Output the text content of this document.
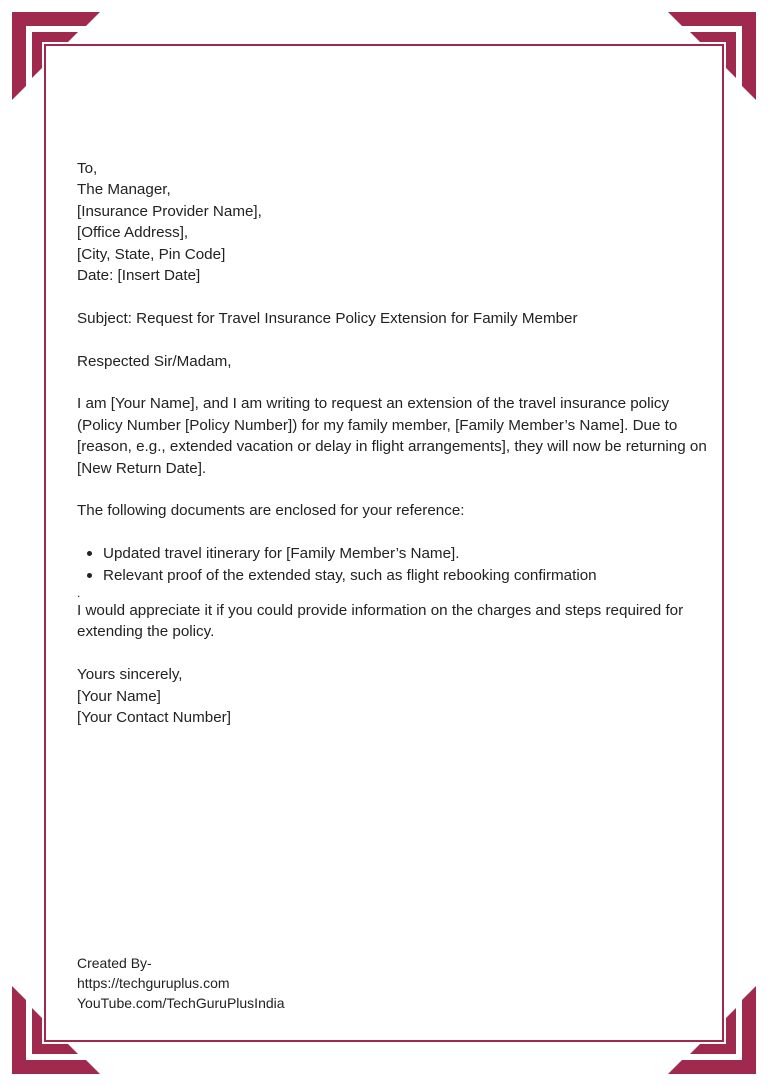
To,

The Manager,

[Insurance Provider Name],

[Office Address],

[City, State, Pin Code]

Date: [Insert Date]

Subject: Request for Travel Insurance Policy Extension for Family Member

Respected Sir/Madam,

I am [Your Name], and I am writing to request an extension of the travel insurance policy (Policy Number [Policy Number]) for my family member, [Family Member’s Name]. Due to [reason, e.g., extended vacation or delay in flight arrangements], they will now be returning on [New Return Date].

The following documents are enclosed for your reference:

Updated travel itinerary for [Family Member’s Name].
Relevant proof of the extended stay, such as flight rebooking confirmation

.

I would appreciate it if you could provide information on the charges and steps required for extending the policy.

Yours sincerely,

[Your Name]

[Your Contact Number]

Created By-

https://techguruplus.com

YouTube.com/TechGuruPlusIndia
